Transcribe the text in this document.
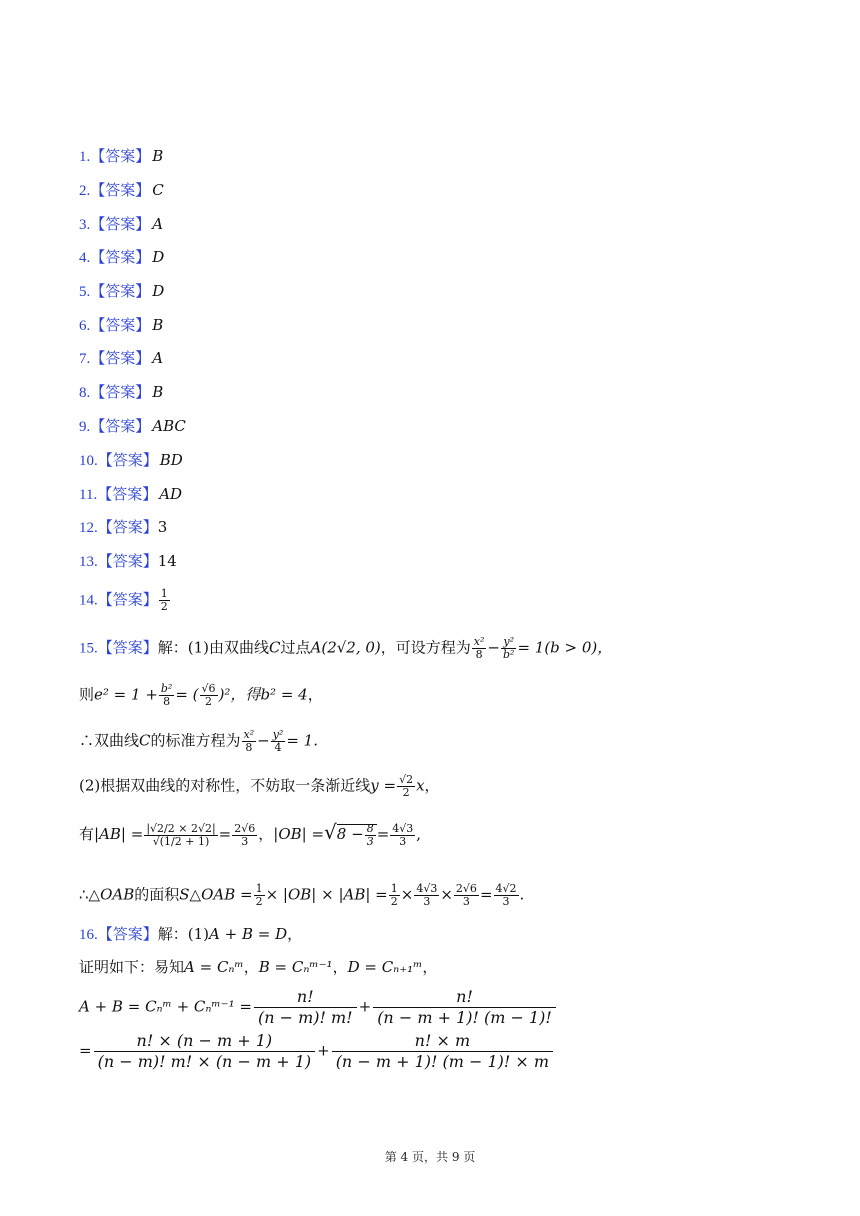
1.【答案】 B
2.【答案】 C
3.【答案】 A
4.【答案】 D
5.【答案】 D
6.【答案】 B
7.【答案】 A
8.【答案】 B
9.【答案】 ABC
10.【答案】 BD
11.【答案】 AD
12.【答案】3
13.【答案】14
14.【答案】 $\frac{1}{2}$
15.【答案】解：(1)由双曲线C过点A(2√2, 0)，可设方程为 $\frac{\text{x²}}{8} - \frac{\text{y²}}{\text{b²}} = 1(b > 0)$，
则$e^2 = 1 + \frac{\text{b²}}{8}$ = ( $\frac{√6}{2} )^2$，得b² = 4，
∴双曲线C的标准方程为 $\frac{\text{x²}}{8} - \frac{\text{y²}}{4} = 1$.
(2)根据双曲线的对称性，不妨取一条渐近线$y = \frac{√2}{2}$ x，
有$|AB| = \frac{|√2/2 \times 2√2|}{√(1/2 + 1)} = \frac{2√6}{3}$ ，$|OB| =√8 - \frac{8}{3} = \frac{4√3}{3}$ ,
∴△OAB的面积S△OAB = $\frac{1}{2} \times |OB| \times |AB| = \frac{1}{2} \times \frac{4√3}{3} \times \frac{2√6}{3} = \frac{4√2}{3}$ .
16.【答案】解：(1)A + B = D，
证明如下：易知A = Cₙᵐ，B = Cₙᵐ⁻¹，D = Cₙ₊₁ᵐ，
A + B = Cₙᵐ + Cₙᵐ⁻¹ = $\frac{n!}{(n - m)! m!} + \frac{n!}{(n - m + 1)! (m - 1)!}$
= $\frac{n! \times (n - m + 1)}{(n - m)! m! \times (n - m + 1)} + \frac{n! \times m}{(n - m + 1)! (m - 1)! \times m}$
第 4 页，共 9 页
